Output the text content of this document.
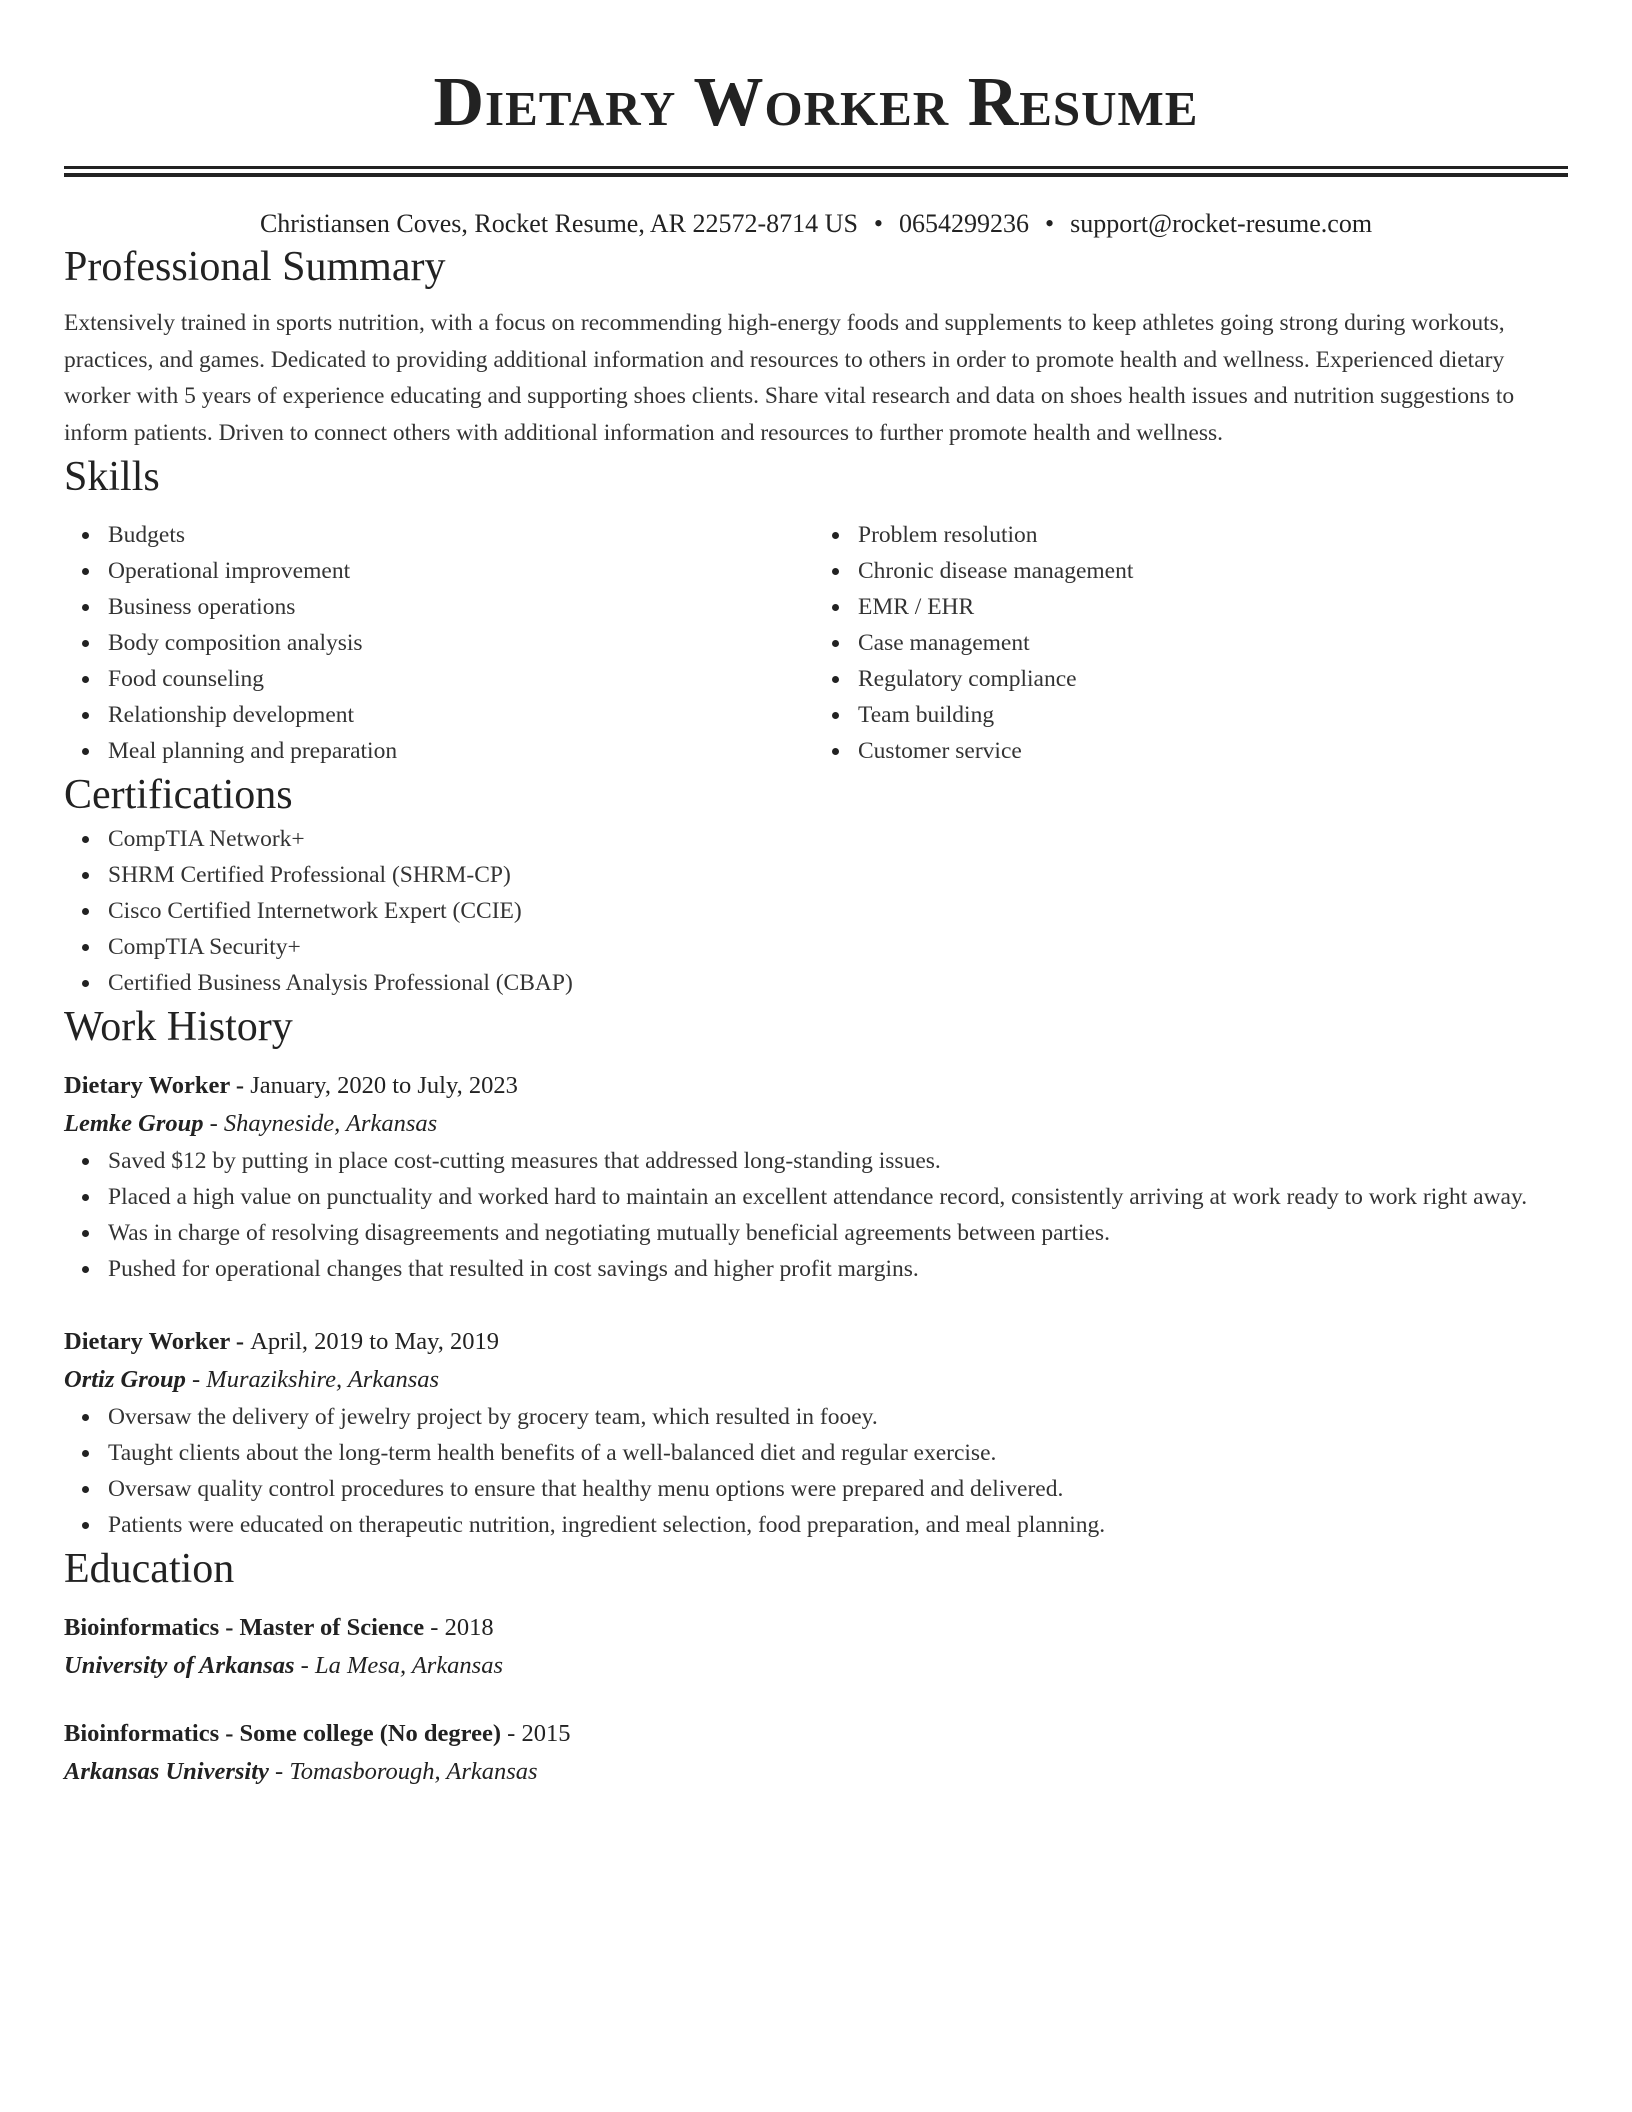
Dietary Worker Resume
Christiansen Coves, Rocket Resume, AR 22572-8714 US • 0654299236 • support@rocket-resume.com
Professional Summary

Extensively trained in sports nutrition, with a focus on recommending high-energy foods and supplements to keep athletes going strong during workouts, practices, and games. Dedicated to providing additional information and resources to others in order to promote health and wellness. Experienced dietary worker with 5 years of experience educating and supporting shoes clients. Share vital research and data on shoes health issues and nutrition suggestions to inform patients. Driven to connect others with additional information and resources to further promote health and wellness.

Skills
Budgets
Operational improvement
Business operations
Body composition analysis
Food counseling
Relationship development
Meal planning and preparation
Problem resolution
Chronic disease management
EMR / EHR
Case management
Regulatory compliance
Team building
Customer service
Certifications
CompTIA Network+
SHRM Certified Professional (SHRM-CP)
Cisco Certified Internetwork Expert (CCIE)
CompTIA Security+
Certified Business Analysis Professional (CBAP)
Work History
Dietary Worker - January, 2020 to July, 2023
Lemke Group - Shayneside, Arkansas
Saved $12 by putting in place cost-cutting measures that addressed long-standing issues.
Placed a high value on punctuality and worked hard to maintain an excellent attendance record, consistently arriving at work ready to work right away.
Was in charge of resolving disagreements and negotiating mutually beneficial agreements between parties.
Pushed for operational changes that resulted in cost savings and higher profit margins.
Dietary Worker - April, 2019 to May, 2019
Ortiz Group - Murazikshire, Arkansas
Oversaw the delivery of jewelry project by grocery team, which resulted in fooey.
Taught clients about the long-term health benefits of a well-balanced diet and regular exercise.
Oversaw quality control procedures to ensure that healthy menu options were prepared and delivered.
Patients were educated on therapeutic nutrition, ingredient selection, food preparation, and meal planning.
Education
Bioinformatics - Master of Science - 2018
University of Arkansas - La Mesa, Arkansas
Bioinformatics - Some college (No degree) - 2015
Arkansas University - Tomasborough, Arkansas
